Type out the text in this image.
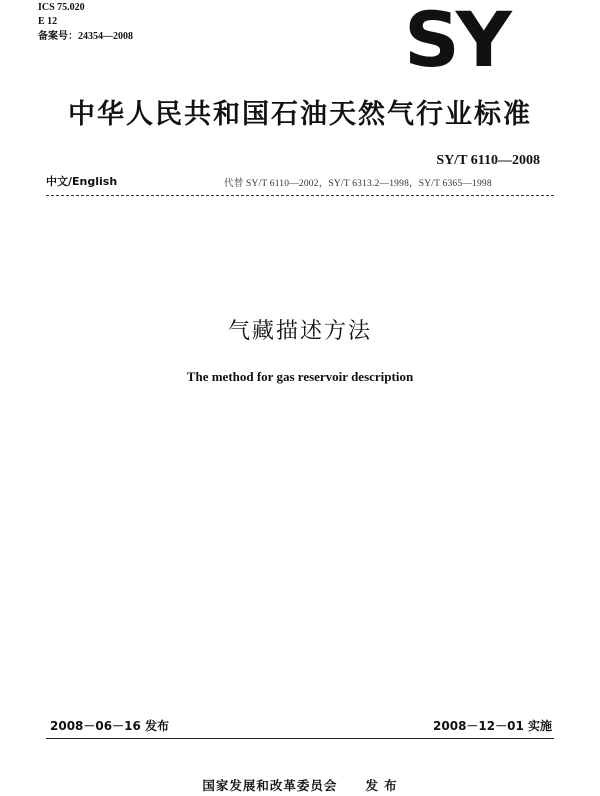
ICS 75.020
E 12
备案号：24354—2008	SY
中华人民共和国石油天然气行业标准
SY/T 6110—2008
中文/English	代替 SY/T 6110—2002，SY/T 6313.2—1998，SY/T 6365—1998
气藏描述方法
The method for gas reservoir description
2008－06－16 发布	2008－12－01 实施
国家发展和改革委员会 发 布
